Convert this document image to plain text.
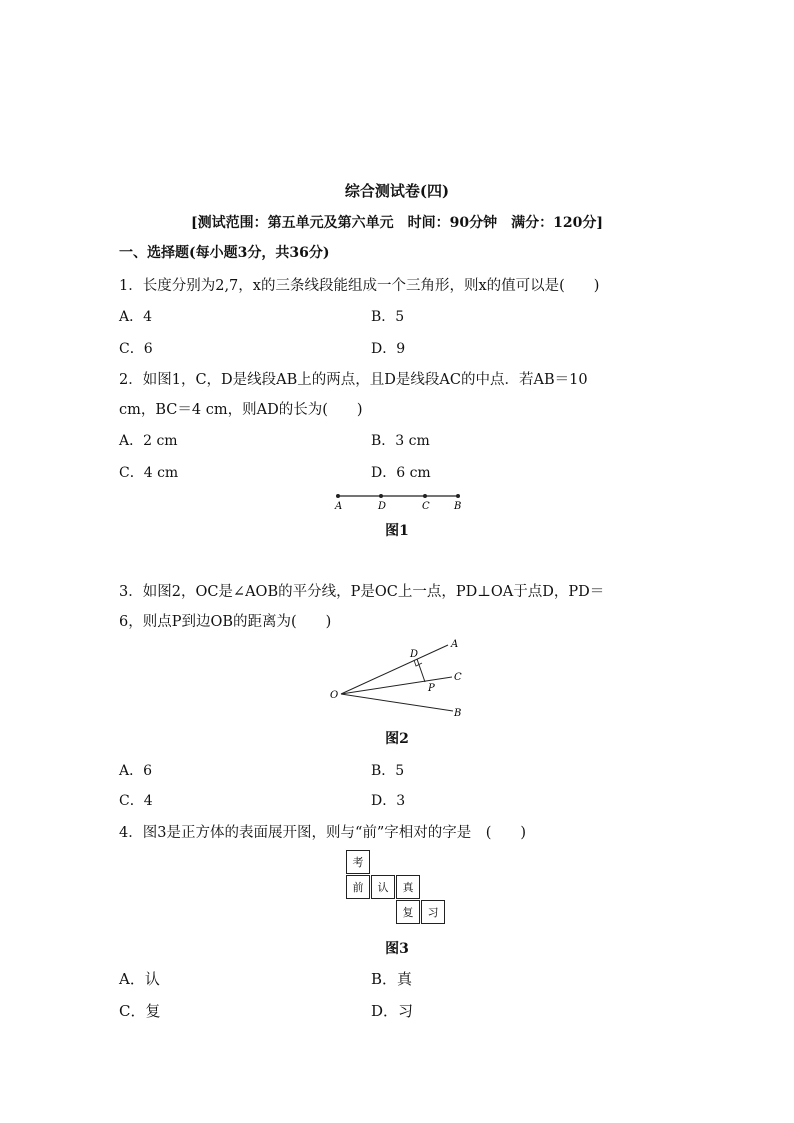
综合测试卷(四)
[测试范围：第五单元及第六单元　时间：90分钟　满分：120分]
一、选择题(每小题3分，共36分)
1．长度分别为2,7，x的三条线段能组成一个三角形，则x的值可以是(　　)
A．4	B．5
C．6	D．9
2．如图1，C，D是线段AB上的两点，且D是线段AC的中点．若AB＝10
cm，BC＝4 cm，则AD的长为(　　)
A．2 cm	B．3 cm
C．4 cm	D．6 cm
A	D	C B
图1
3．如图2，OC是∠AOB的平分线，P是OC上一点，PD⊥OA于点D，PD＝
6，则点P到边OB的距离为(　　)
O
A
C
B
D
P
图2
A．6	B．5
C．4	D．3
4．图3是正方体的表面展开图，则与“前”字相对的字是　(　　)
考
前	认	真
复	习
图3
A．认	B．真
C．复	D．习
